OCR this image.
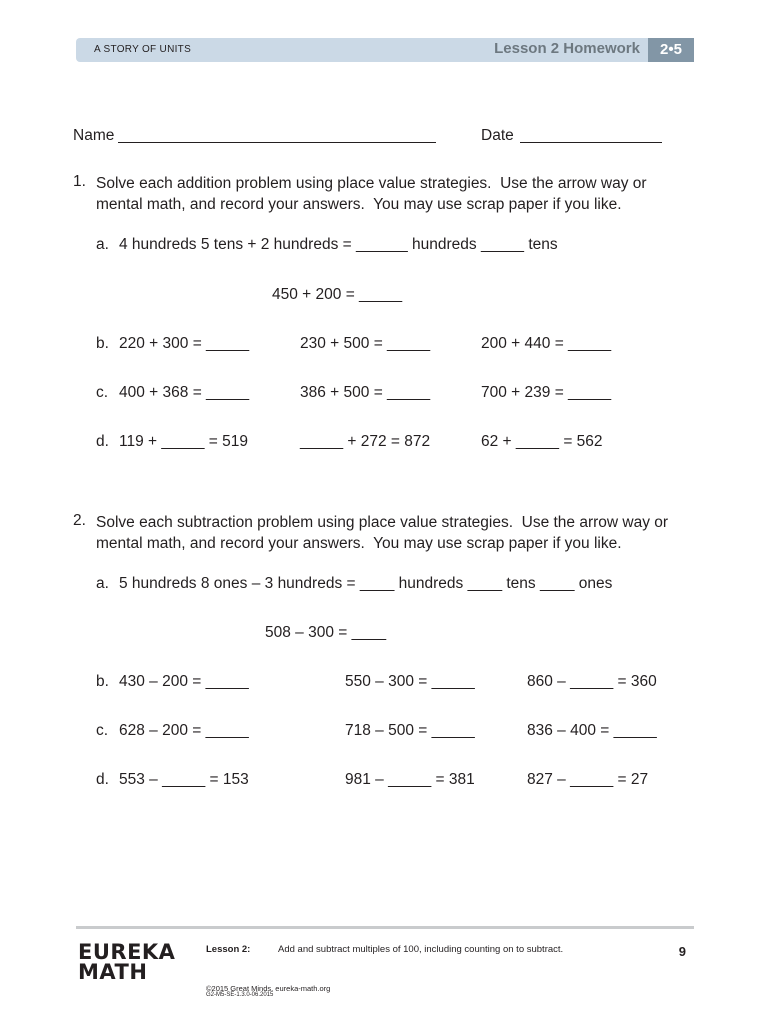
A STORY OF UNITS	Lesson 2 Homework	2•5
Name	Date
1. Solve each addition problem using place value strategies.  Use the arrow way or
mental math, and record your answers.  You may use scrap paper if you like.
a. 4 hundreds 5 tens + 2 hundreds = ______ hundreds _____ tens
450 + 200 = _____
b. 220 + 300 = _____	230 + 500 = _____	200 + 440 = _____
c. 400 + 368 = _____	386 + 500 = _____	700 + 239 = _____
d. 119 + _____ = 519	_____ + 272 = 872	62 + _____ = 562
2. Solve each subtraction problem using place value strategies.  Use the arrow way or
mental math, and record your answers.  You may use scrap paper if you like.
a. 5 hundreds 8 ones – 3 hundreds = ____ hundreds ____ tens ____ ones
508 – 300 = ____
b. 430 – 200 = _____	550 – 300 = _____	860 – _____ = 360
c. 628 – 200 = _____	718 – 500 = _____	836 – 400 = _____
d. 553 – _____ = 153	981 – _____ = 381	827 – _____ = 27
EUREKA
MATH
Lesson 2:	Add and subtract multiples of 100, including counting on to subtract.	9
©2015 Great Minds. eureka-math.org
G2-M5-SE-1.3.0-06.2015
